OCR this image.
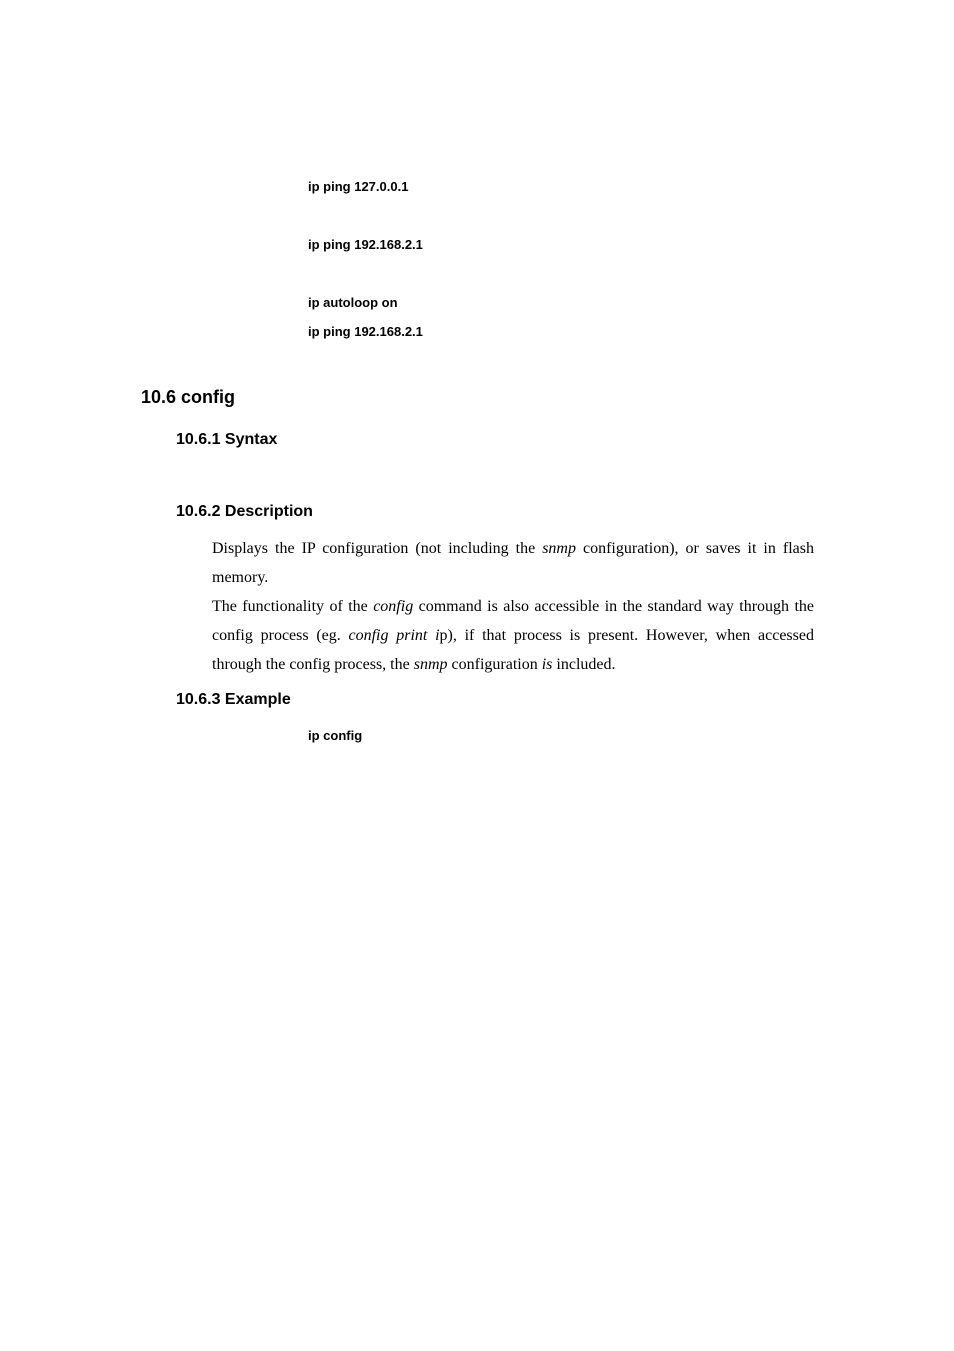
ip ping 127.0.0.1
ip ping 192.168.2.1
ip autoloop on
ip ping 192.168.2.1
10.6 config
10.6.1 Syntax
10.6.2 Description

Displays the IP configuration (not including the snmp configuration), or saves it in flash memory.

The functionality of the config command is also accessible in the standard way through the config process (eg. config print ip), if that process is present. However, when accessed through the config process, the snmp configuration is included.

10.6.3 Example
ip config
